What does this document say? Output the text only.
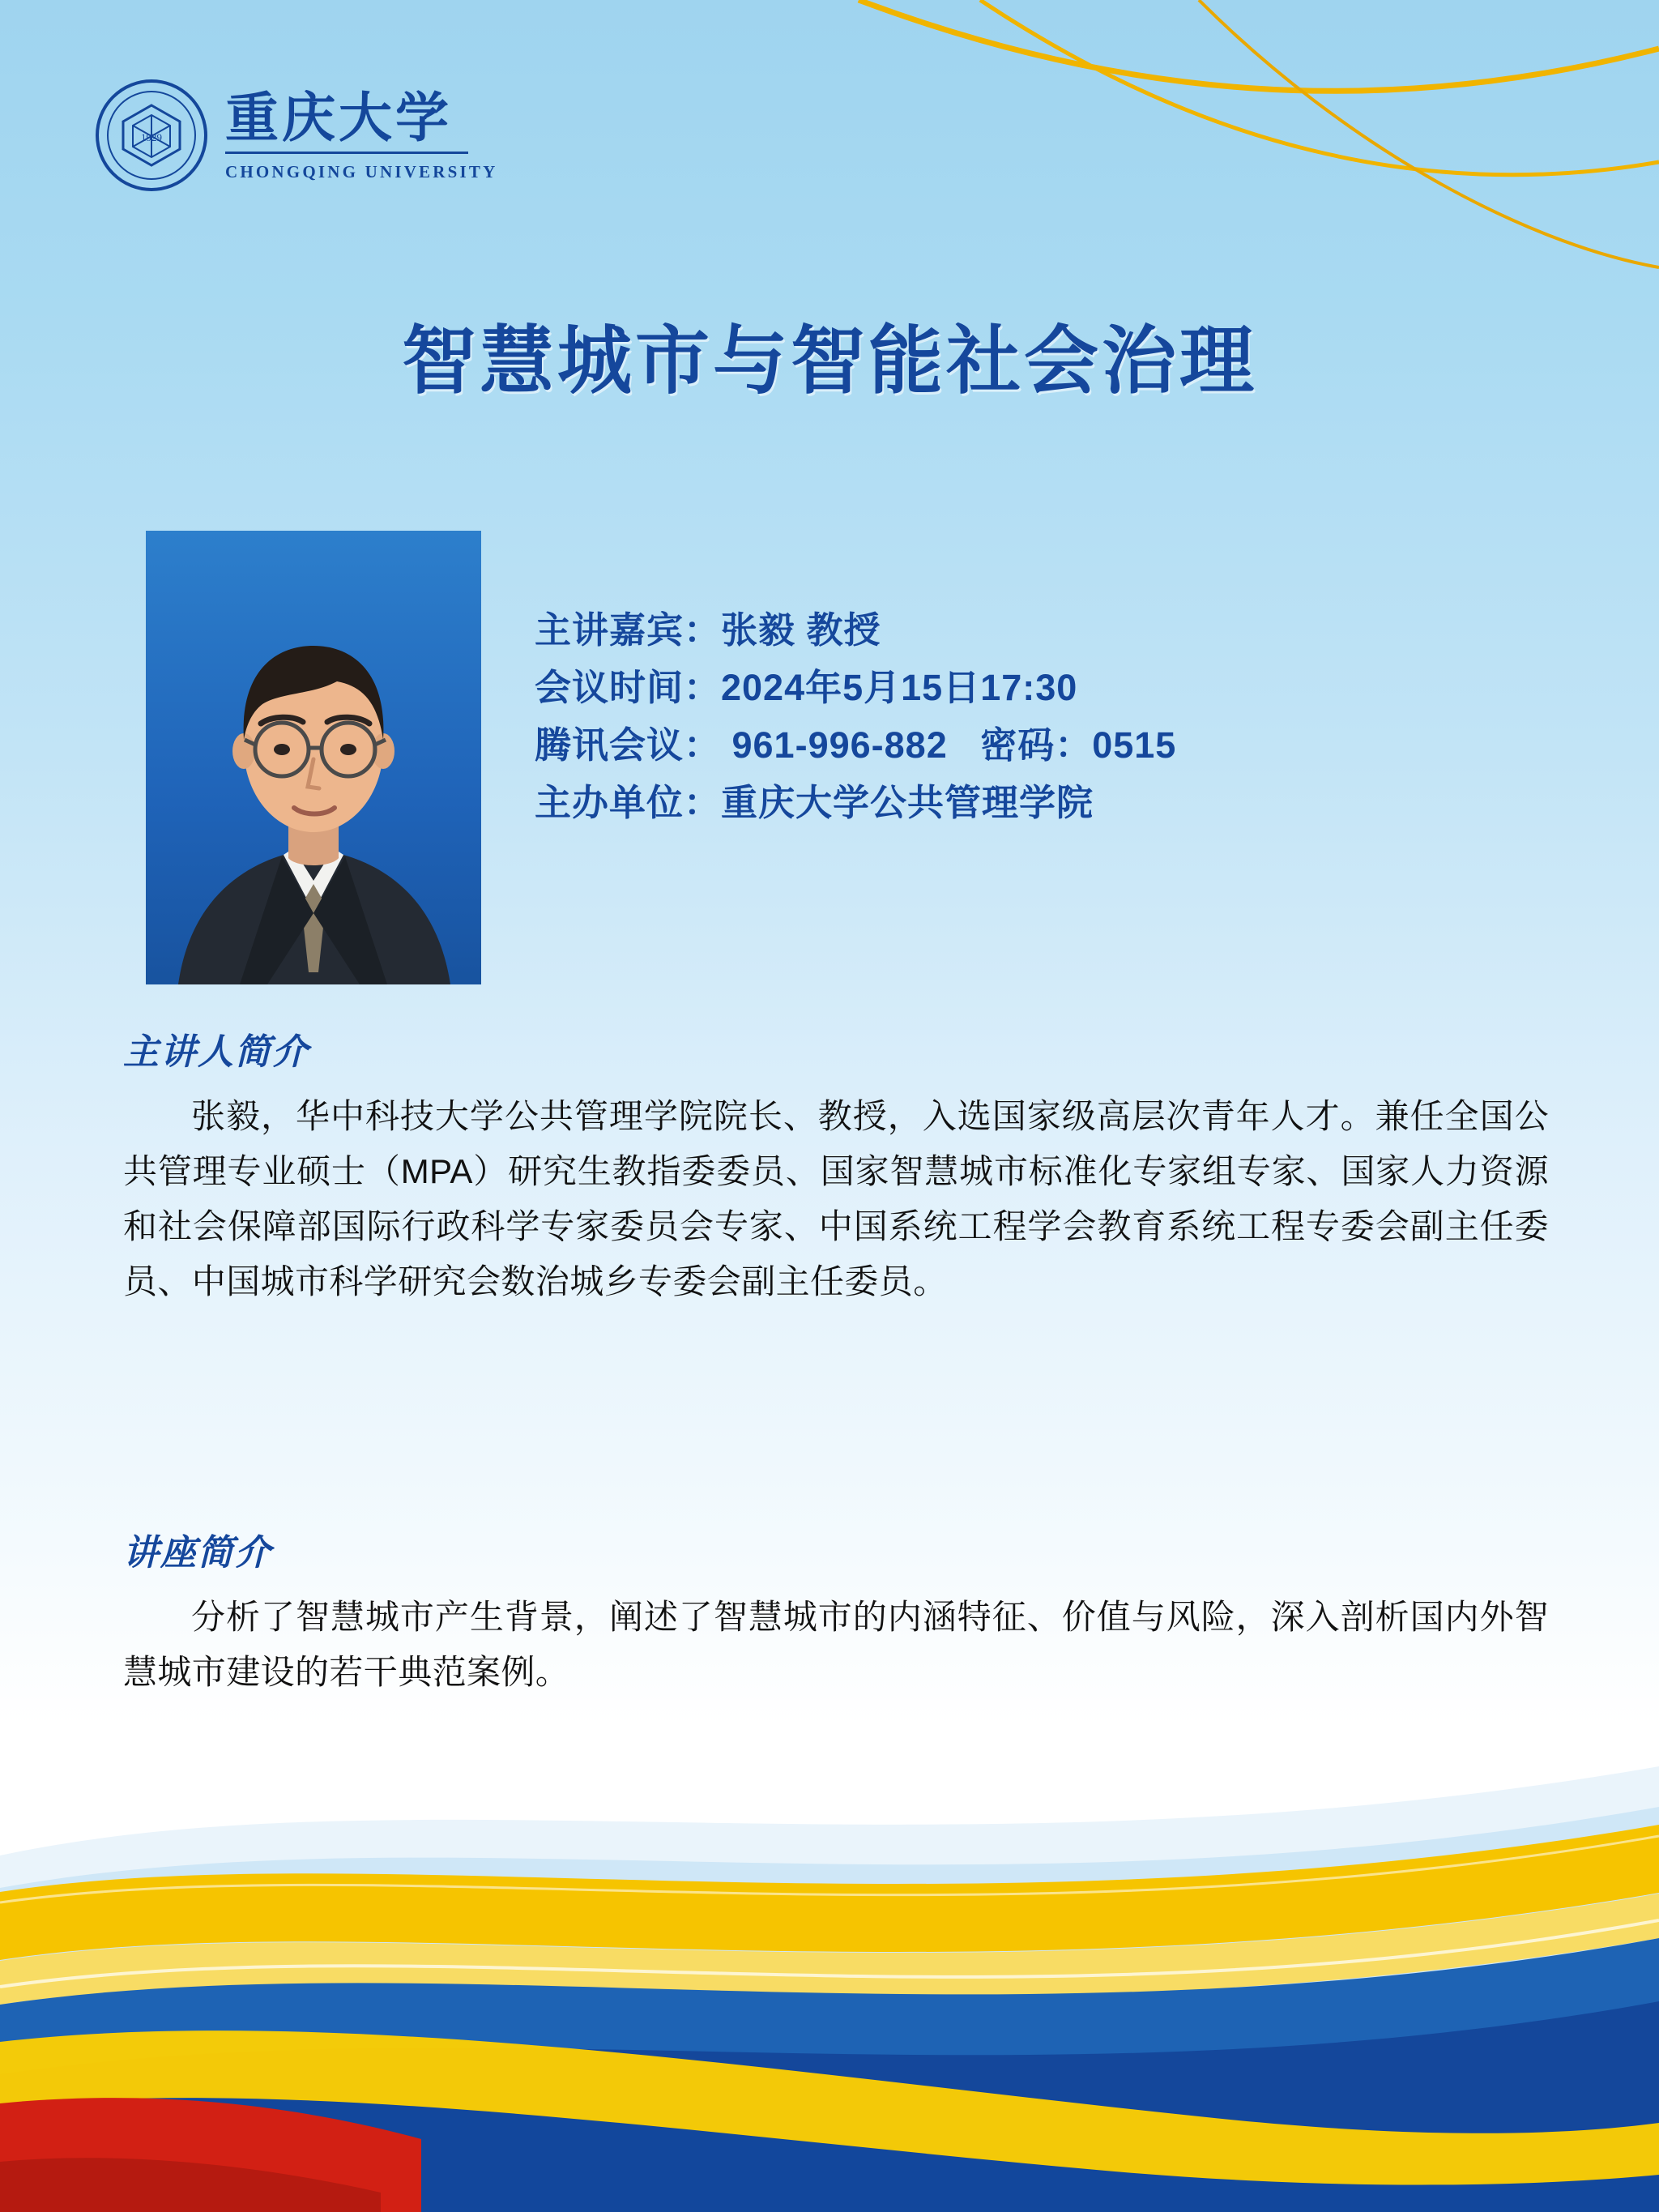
1929 重庆大学
CHONGQING UNIVERSITY
智慧城市与智能社会治理
主讲嘉宾：张毅 教授
会议时间：2024年5月15日17:30
腾讯会议： 961-996-882   密码：0515
主办单位：重庆大学公共管理学院
主讲人简介
张毅，华中科技大学公共管理学院院长、教授，入选国家级高层次青年人才。兼任全国公共管理专业硕士（MPA）研究生教指委委员、国家智慧城市标准化专家组专家、国家人力资源和社会保障部国际行政科学专家委员会专家、中国系统工程学会教育系统工程专委会副主任委员、中国城市科学研究会数治城乡专委会副主任委员。
讲座简介
分析了智慧城市产生背景，阐述了智慧城市的内涵特征、价值与风险，深入剖析国内外智慧城市建设的若干典范案例。
